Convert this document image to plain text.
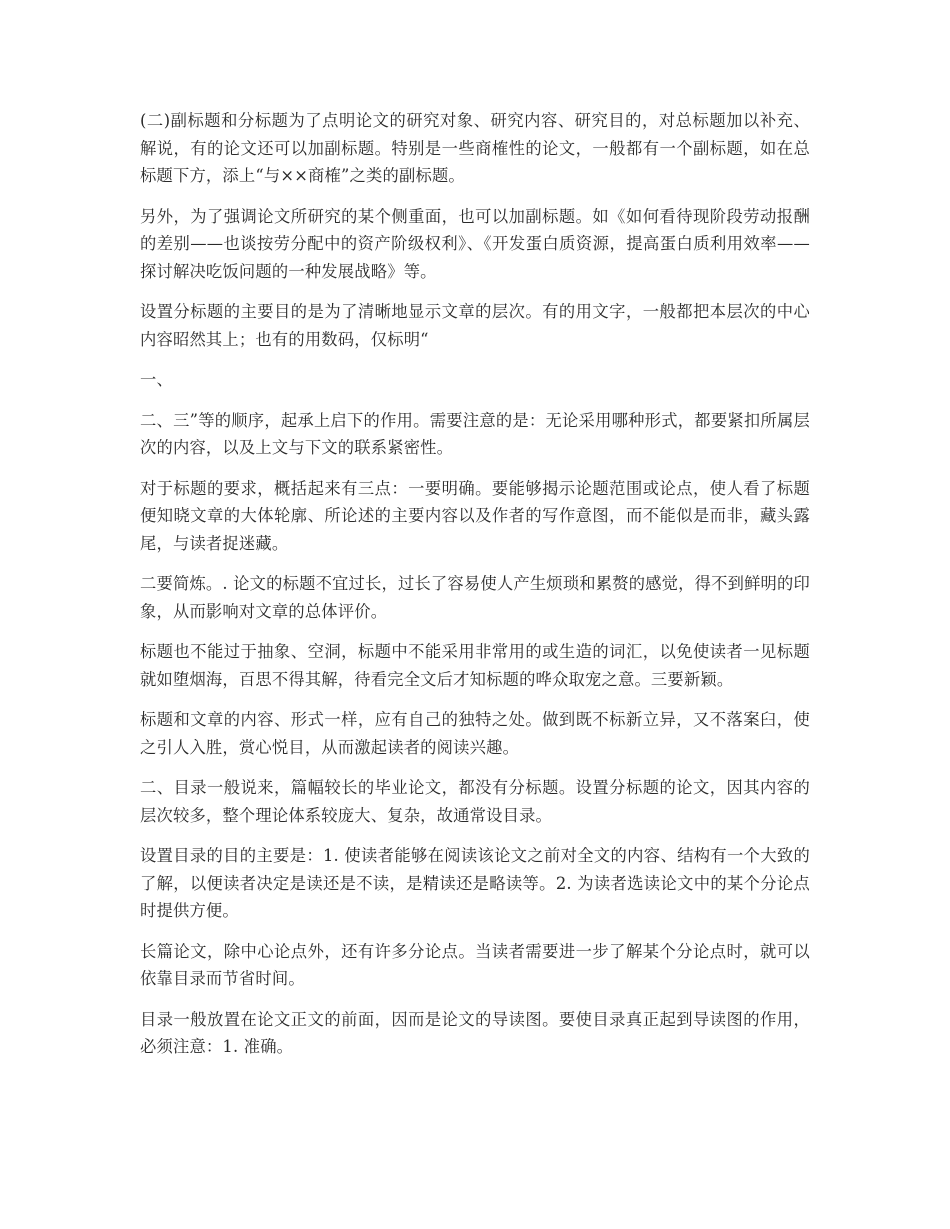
(二)副标题和分标题为了点明论文的研究对象、研究内容、研究目的，对总标题加以补充、解说，有的论文还可以加副标题。特别是一些商榷性的论文，一般都有一个副标题，如在总标题下方，添上“与××商榷”之类的副标题。

另外，为了强调论文所研究的某个侧重面，也可以加副标题。如《如何看待现阶段劳动报酬的差别——也谈按劳分配中的资产阶级权利》、《开发蛋白质资源，提高蛋白质利用效率——探讨解决吃饭问题的一种发展战略》等。

设置分标题的主要目的是为了清晰地显示文章的层次。有的用文字，一般都把本层次的中心内容昭然其上；也有的用数码，仅标明“

一、

二、三”等的顺序，起承上启下的作用。需要注意的是：无论采用哪种形式，都要紧扣所属层次的内容，以及上文与下文的联系紧密性。

对于标题的要求，概括起来有三点：一要明确。要能够揭示论题范围或论点，使人看了标题便知晓文章的大体轮廓、所论述的主要内容以及作者的写作意图，而不能似是而非，藏头露尾，与读者捉迷藏。

二要简炼。. 论文的标题不宜过长，过长了容易使人产生烦琐和累赘的感觉，得不到鲜明的印象，从而影响对文章的总体评价。

标题也不能过于抽象、空洞，标题中不能采用非常用的或生造的词汇，以免使读者一见标题就如堕烟海，百思不得其解，待看完全文后才知标题的哗众取宠之意。三要新颖。

标题和文章的内容、形式一样，应有自己的独特之处。做到既不标新立异，又不落案臼，使之引人入胜，赏心悦目，从而激起读者的阅读兴趣。

二、目录一般说来，篇幅较长的毕业论文，都没有分标题。设置分标题的论文，因其内容的层次较多，整个理论体系较庞大、复杂，故通常设目录。

设置目录的目的主要是：1. 使读者能够在阅读该论文之前对全文的内容、结构有一个大致的了解，以便读者决定是读还是不读，是精读还是略读等。2. 为读者选读论文中的某个分论点时提供方便。

长篇论文，除中心论点外，还有许多分论点。当读者需要进一步了解某个分论点时，就可以依靠目录而节省时间。

目录一般放置在论文正文的前面，因而是论文的导读图。要使目录真正起到导读图的作用，必须注意：1. 准确。
